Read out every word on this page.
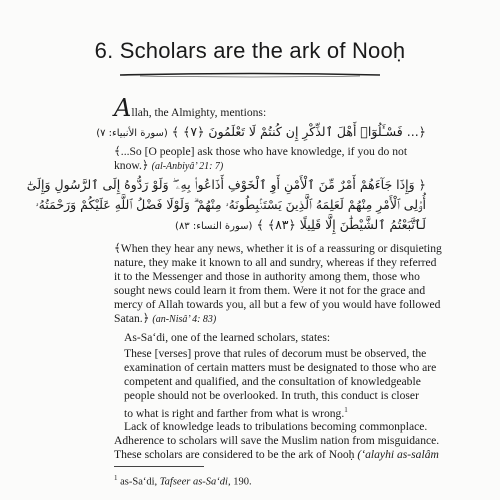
6. Scholars are the ark of Nooḥ
Allah, the Almighty, mentions:
﴿... فَسْـَٔلُوٓا۟ أَهْلَ ٱلذِّكْرِ إِن كُنتُمْ لَا تَعْلَمُونَ ﴿٧﴾ ﴾ (سورة الأنبياء: ٧)
﴾...So [O people] ask those who have knowledge, if you do not
know.﴿ (al-Anbiyâ’ 21: 7)
﴿ وَإِذَا جَآءَهُمْ أَمْرٌ مِّنَ ٱلْأَمْنِ أَوِ ٱلْخَوْفِ أَذَاعُوا۟ بِهِۦ ۖ وَلَوْ رَدُّوهُ إِلَى ٱلرَّسُولِ وَإِلَىٰٓ
أُو۟لِى ٱلْأَمْرِ مِنْهُمْ لَعَلِمَهُ ٱلَّذِينَ يَسْتَنۢبِطُونَهُۥ مِنْهُمْ ۗ وَلَوْلَا فَضْلُ ٱللَّهِ عَلَيْكُمْ وَرَحْمَتُهُۥ
لَٱتَّبَعْتُمُ ٱلشَّيْطَٰنَ إِلَّا قَلِيلًا ﴿٨٣﴾ ﴾ (سورة النساء: ٨٣)
﴾When they hear any news, whether it is of a reassuring or disquieting
nature, they make it known to all and sundry, whereas if they referred
it to the Messenger and those in authority among them, those who
sought news could learn it from them. Were it not for the grace and
mercy of Allah towards you, all but a few of you would have followed
Satan.﴿ (an-Nisâ’ 4: 83)
As-Sa‘di, one of the learned scholars, states:
These [verses] prove that rules of decorum must be observed, the
examination of certain matters must be designated to those who are
competent and qualified, and the consultation of knowledgeable
people should not be overlooked. In truth, this conduct is closer
to what is right and farther from what is wrong.$^1$
Lack of knowledge leads to tribulations becoming commonplace.
Adherence to scholars will save the Muslim nation from misguidance.
These scholars are considered to be the ark of Nooḥ (‘alayhi as-salâm
$^1$ as-Sa‘di, Tafseer as-Sa‘di, 190.
